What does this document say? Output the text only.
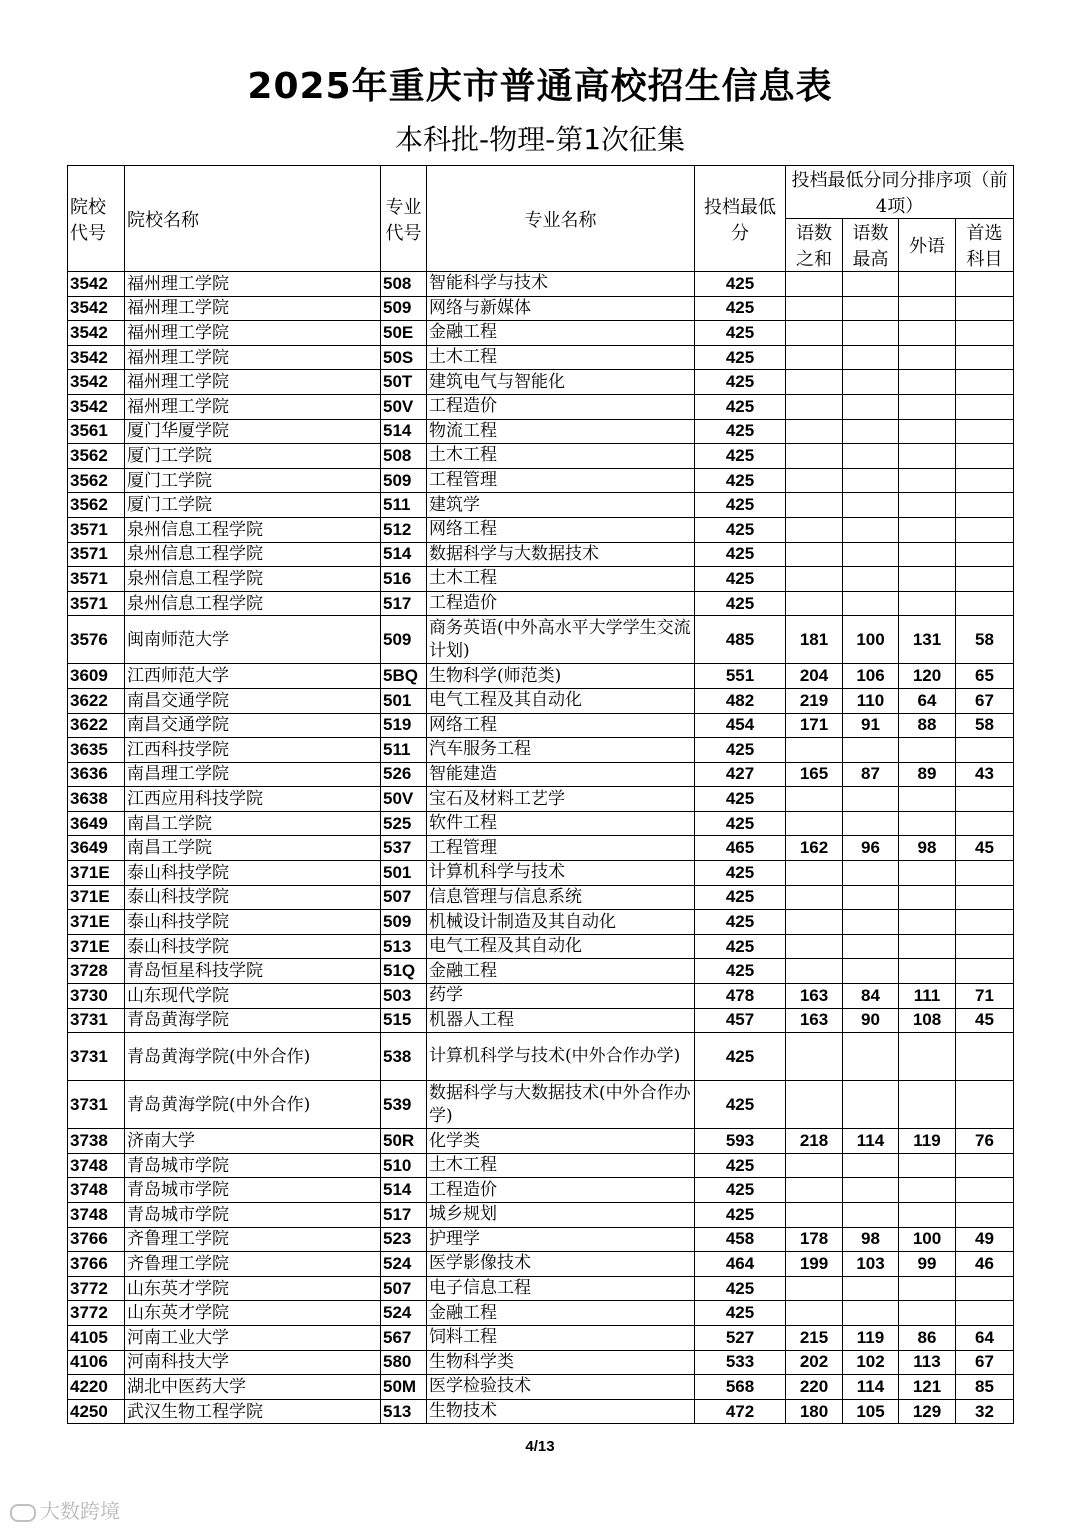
2025年重庆市普通高校招生信息表
本科批-物理-第1次征集
院校代号	院校名称	专业代号	专业名称	投档最低分	投档最低分同分排序项（前4项）			
					语数之和	语数最高	外语	首选科目
3542	福州理工学院	508	智能科学与技术	425				
3542	福州理工学院	509	网络与新媒体	425				
3542	福州理工学院	50E	金融工程	425				
3542	福州理工学院	50S	土木工程	425				
3542	福州理工学院	50T	建筑电气与智能化	425				
3542	福州理工学院	50V	工程造价	425				
3561	厦门华厦学院	514	物流工程	425				
3562	厦门工学院	508	土木工程	425				
3562	厦门工学院	509	工程管理	425				
3562	厦门工学院	511	建筑学	425				
3571	泉州信息工程学院	512	网络工程	425				
3571	泉州信息工程学院	514	数据科学与大数据技术	425				
3571	泉州信息工程学院	516	土木工程	425				
3571	泉州信息工程学院	517	工程造价	425				
3576	闽南师范大学	509	商务英语(中外高水平大学学生交流计划)	485	181	100	131	58
3609	江西师范大学	5BQ	生物科学(师范类)	551	204	106	120	65
3622	南昌交通学院	501	电气工程及其自动化	482	219	110	64	67
3622	南昌交通学院	519	网络工程	454	171	91	88	58
3635	江西科技学院	511	汽车服务工程	425				
3636	南昌理工学院	526	智能建造	427	165	87	89	43
3638	江西应用科技学院	50V	宝石及材料工艺学	425				
3649	南昌工学院	525	软件工程	425				
3649	南昌工学院	537	工程管理	465	162	96	98	45
371E	泰山科技学院	501	计算机科学与技术	425				
371E	泰山科技学院	507	信息管理与信息系统	425				
371E	泰山科技学院	509	机械设计制造及其自动化	425				
371E	泰山科技学院	513	电气工程及其自动化	425				
3728	青岛恒星科技学院	51Q	金融工程	425				
3730	山东现代学院	503	药学	478	163	84	111	71
3731	青岛黄海学院	515	机器人工程	457	163	90	108	45
3731	青岛黄海学院(中外合作)	538	计算机科学与技术(中外合作办学)	425				
3731	青岛黄海学院(中外合作)	539	数据科学与大数据技术(中外合作办学)	425				
3738	济南大学	50R	化学类	593	218	114	119	76
3748	青岛城市学院	510	土木工程	425				
3748	青岛城市学院	514	工程造价	425				
3748	青岛城市学院	517	城乡规划	425				
3766	齐鲁理工学院	523	护理学	458	178	98	100	49
3766	齐鲁理工学院	524	医学影像技术	464	199	103	99	46
3772	山东英才学院	507	电子信息工程	425				
3772	山东英才学院	524	金融工程	425				
4105	河南工业大学	567	饲料工程	527	215	119	86	64
4106	河南科技大学	580	生物科学类	533	202	102	113	67
4220	湖北中医药大学	50M	医学检验技术	568	220	114	121	85
4250	武汉生物工程学院	513	生物技术	472	180	105	129	32
4/13
大数跨境
